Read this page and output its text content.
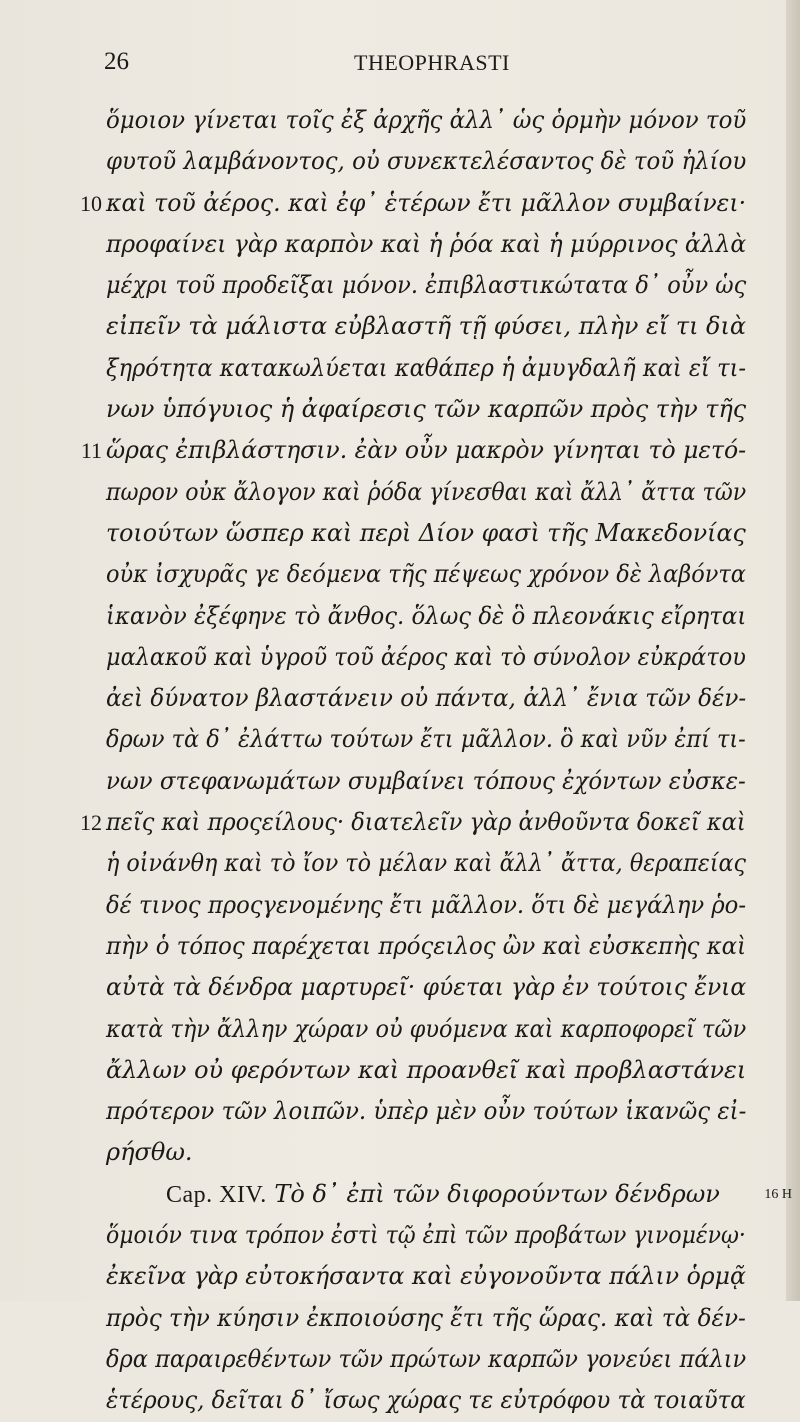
26	THEOPHRASTI
ὅμοιον γίνεται τοῖς ἐξ ἀρχῆς ἀλλ᾽ ὡς ὁρμὴν μόνον τοῦ
φυτοῦ λαμβάνοντος, οὐ συνεκτελέσαντος δὲ τοῦ ἡλίου
10 καὶ τοῦ ἀέρος. καὶ ἐφ᾽ ἑτέρων ἔτι μᾶλλον συμβαίνει·
προφαίνει γὰρ καρπὸν καὶ ἡ ῥόα καὶ ἡ μύρρινος ἀλλὰ
μέχρι τοῦ προδεῖξαι μόνον. ἐπιβλαστικώτατα δ᾽ οὖν ὡς
εἰπεῖν τὰ μάλιστα εὐβλαστῆ τῇ φύσει, πλὴν εἴ τι διὰ
ξηρότητα κατακωλύεται καθάπερ ἡ ἀμυγδαλῆ καὶ εἴ τι-
νων ὑπόγυιος ἡ ἀφαίρεσις τῶν καρπῶν πρὸς τὴν τῆς
11 ὥρας ἐπιβλάστησιν. ἐὰν οὖν μακρὸν γίνηται τὸ μετό-
πωρον οὐκ ἄλογον καὶ ῥόδα γίνεσθαι καὶ ἄλλ᾽ ἄττα τῶν
τοιούτων ὥσπερ καὶ περὶ Δίον φασὶ τῆς Μακεδονίας
οὐκ ἰσχυρᾶς γε δεόμενα τῆς πέψεως χρόνον δὲ λαβόντα
ἱκανὸν ἐξέφηνε τὸ ἄνθος. ὅλως δὲ ὃ πλεονάκις εἴρηται
μαλακοῦ καὶ ὑγροῦ τοῦ ἀέρος καὶ τὸ σύνολον εὐκράτου
ἀεὶ δύνατον βλαστάνειν οὐ πάντα, ἀλλ᾽ ἔνια τῶν δέν-
δρων τὰ δ᾽ ἐλάττω τούτων ἔτι μᾶλλον. ὃ καὶ νῦν ἐπί τι-
νων στεφανωμάτων συμβαίνει τόπους ἐχόντων εὐσκε-
12 πεῖς καὶ προςείλους· διατελεῖν γὰρ ἀνθοῦντα δοκεῖ καὶ
ἡ οἰνάνθη καὶ τὸ ἴον τὸ μέλαν καὶ ἄλλ᾽ ἄττα, θεραπείας
δέ τινος προςγενομένης ἔτι μᾶλλον. ὅτι δὲ μεγάλην ῥο-
πὴν ὁ τόπος παρέχεται πρόςειλος ὢν καὶ εὐσκεπὴς καὶ
αὐτὰ τὰ δένδρα μαρτυρεῖ· φύεται γὰρ ἐν τούτοις ἔνια
κατὰ τὴν ἄλλην χώραν οὐ φυόμενα καὶ καρποφορεῖ τῶν
ἄλλων οὐ φερόντων καὶ προανθεῖ καὶ προβλαστάνει
πρότερον τῶν λοιπῶν. ὑπὲρ μὲν οὖν τούτων ἱκανῶς εἰ-
ρήσθω.
Cap. XIV. Τὸ δ᾽ ἐπὶ τῶν διφορούντων δένδρων	16 H
ὅμοιόν τινα τρόπον ἐστὶ τῷ ἐπὶ τῶν προβάτων γινομένῳ·
ἐκεῖνα γὰρ εὐτοκήσαντα καὶ εὐγονοῦντα πάλιν ὁρμᾷ
πρὸς τὴν κύησιν ἐκποιούσης ἔτι τῆς ὥρας. καὶ τὰ δέν-
δρα παραιρεθέντων τῶν πρώτων καρπῶν γονεύει πάλιν
ἑτέρους, δεῖται δ᾽ ἴσως χώρας τε εὐτρόφου τὰ τοιαῦτα
